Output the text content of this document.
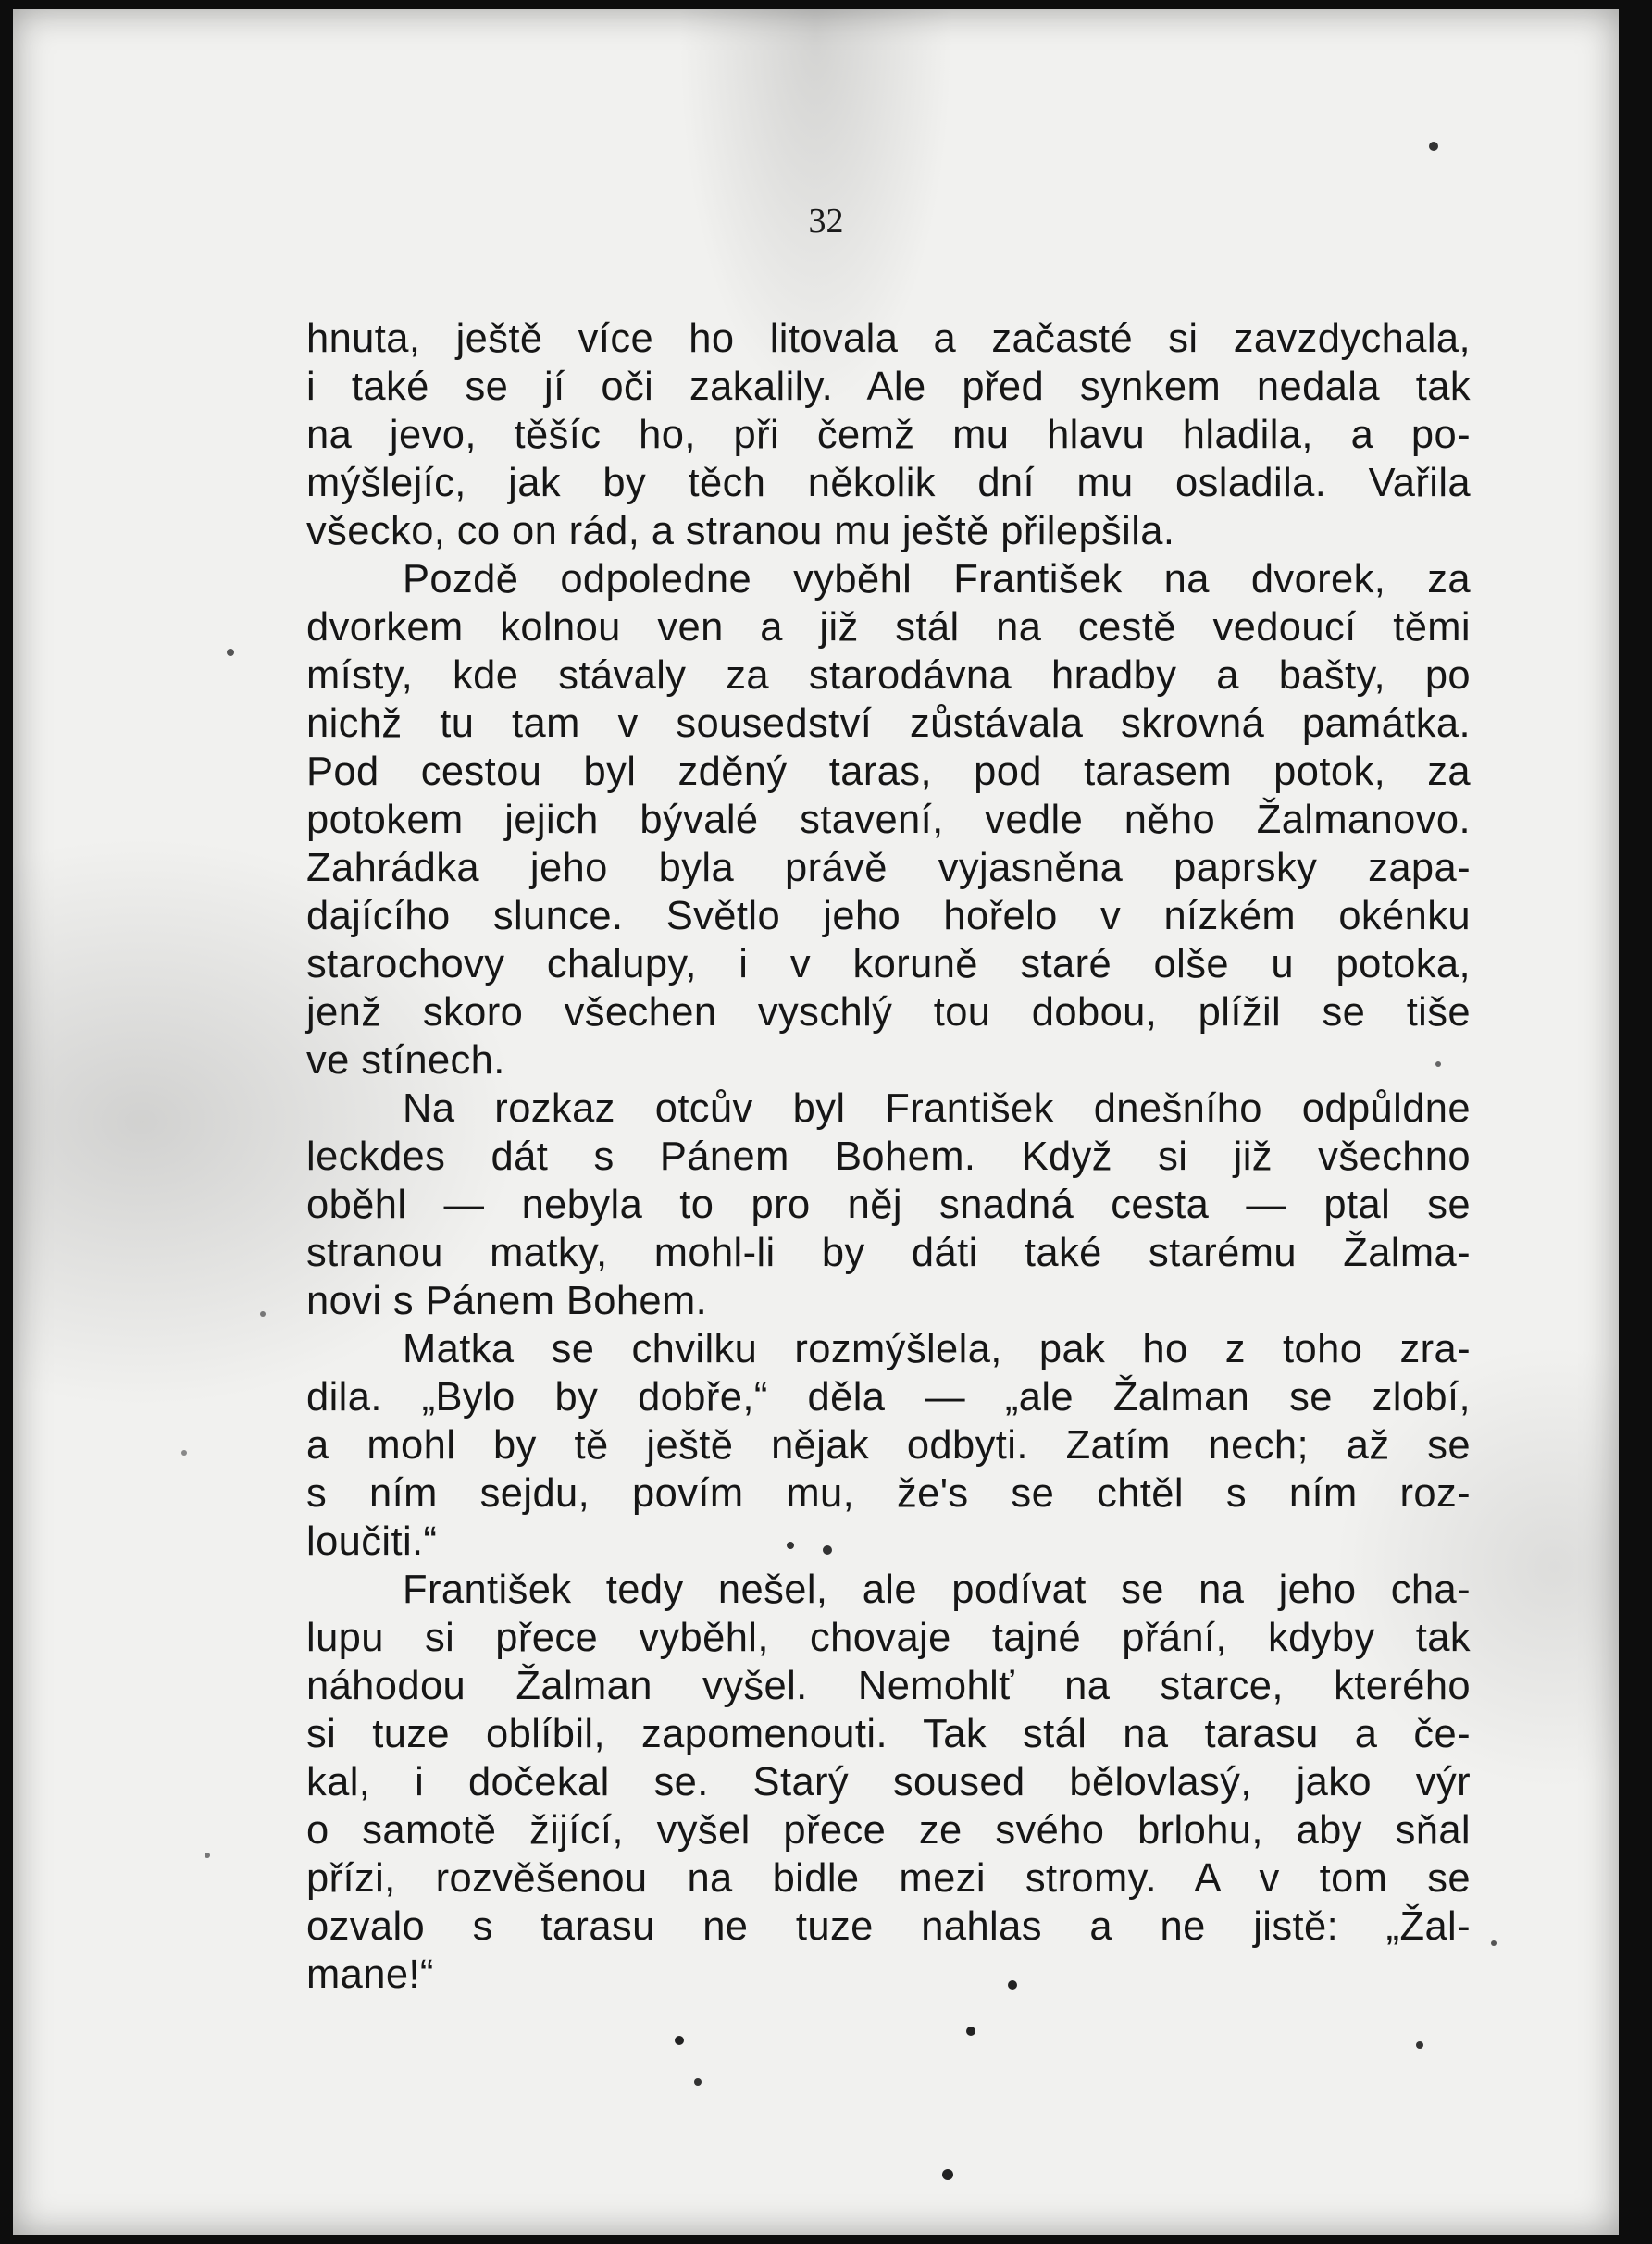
32
hnuta, ještě více ho litovala a začasté si zavzdychala,
i také se jí oči zakalily. Ale před synkem nedala tak
na jevo, těšíc ho, při čemž mu hlavu hladila, a po-
mýšlejíc, jak by těch několik dní mu osladila. Vařila
všecko, co on rád, a stranou mu ještě přilepšila.
Pozdě odpoledne vyběhl František na dvorek, za
dvorkem kolnou ven a již stál na cestě vedoucí těmi
místy, kde stávaly za starodávna hradby a bašty, po
nichž tu tam v sousedství zůstávala skrovná památka.
Pod cestou byl zděný taras, pod tarasem potok, za
potokem jejich bývalé stavení, vedle něho Žalmanovo.
Zahrádka jeho byla právě vyjasněna paprsky zapa-
dajícího slunce. Světlo jeho hořelo v nízkém okénku
starochovy chalupy, i v koruně staré olše u potoka,
jenž skoro všechen vyschlý tou dobou, plížil se tiše
ve stínech.
Na rozkaz otcův byl František dnešního odpůldne
leckdes dát s Pánem Bohem. Když si již všechno
oběhl — nebyla to pro něj snadná cesta — ptal se
stranou matky, mohl-li by dáti také starému Žalma-
novi s Pánem Bohem.
Matka se chvilku rozmýšlela, pak ho z toho zra-
dila. „Bylo by dobře,“ děla — „ale Žalman se zlobí,
a mohl by tě ještě nějak odbyti. Zatím nech; až se
s ním sejdu, povím mu, že's se chtěl s ním roz-
loučiti.“
František tedy nešel, ale podívat se na jeho cha-
lupu si přece vyběhl, chovaje tajné přání, kdyby tak
náhodou Žalman vyšel. Nemohlť na starce, kterého
si tuze oblíbil, zapomenouti. Tak stál na tarasu a če-
kal, i dočekal se. Starý soused bělovlasý, jako výr
o samotě žijící, vyšel přece ze svého brlohu, aby sňal
přízi, rozvěšenou na bidle mezi stromy. A v tom se
ozvalo s tarasu ne tuze nahlas a ne jistě: „Žal-
mane!“
